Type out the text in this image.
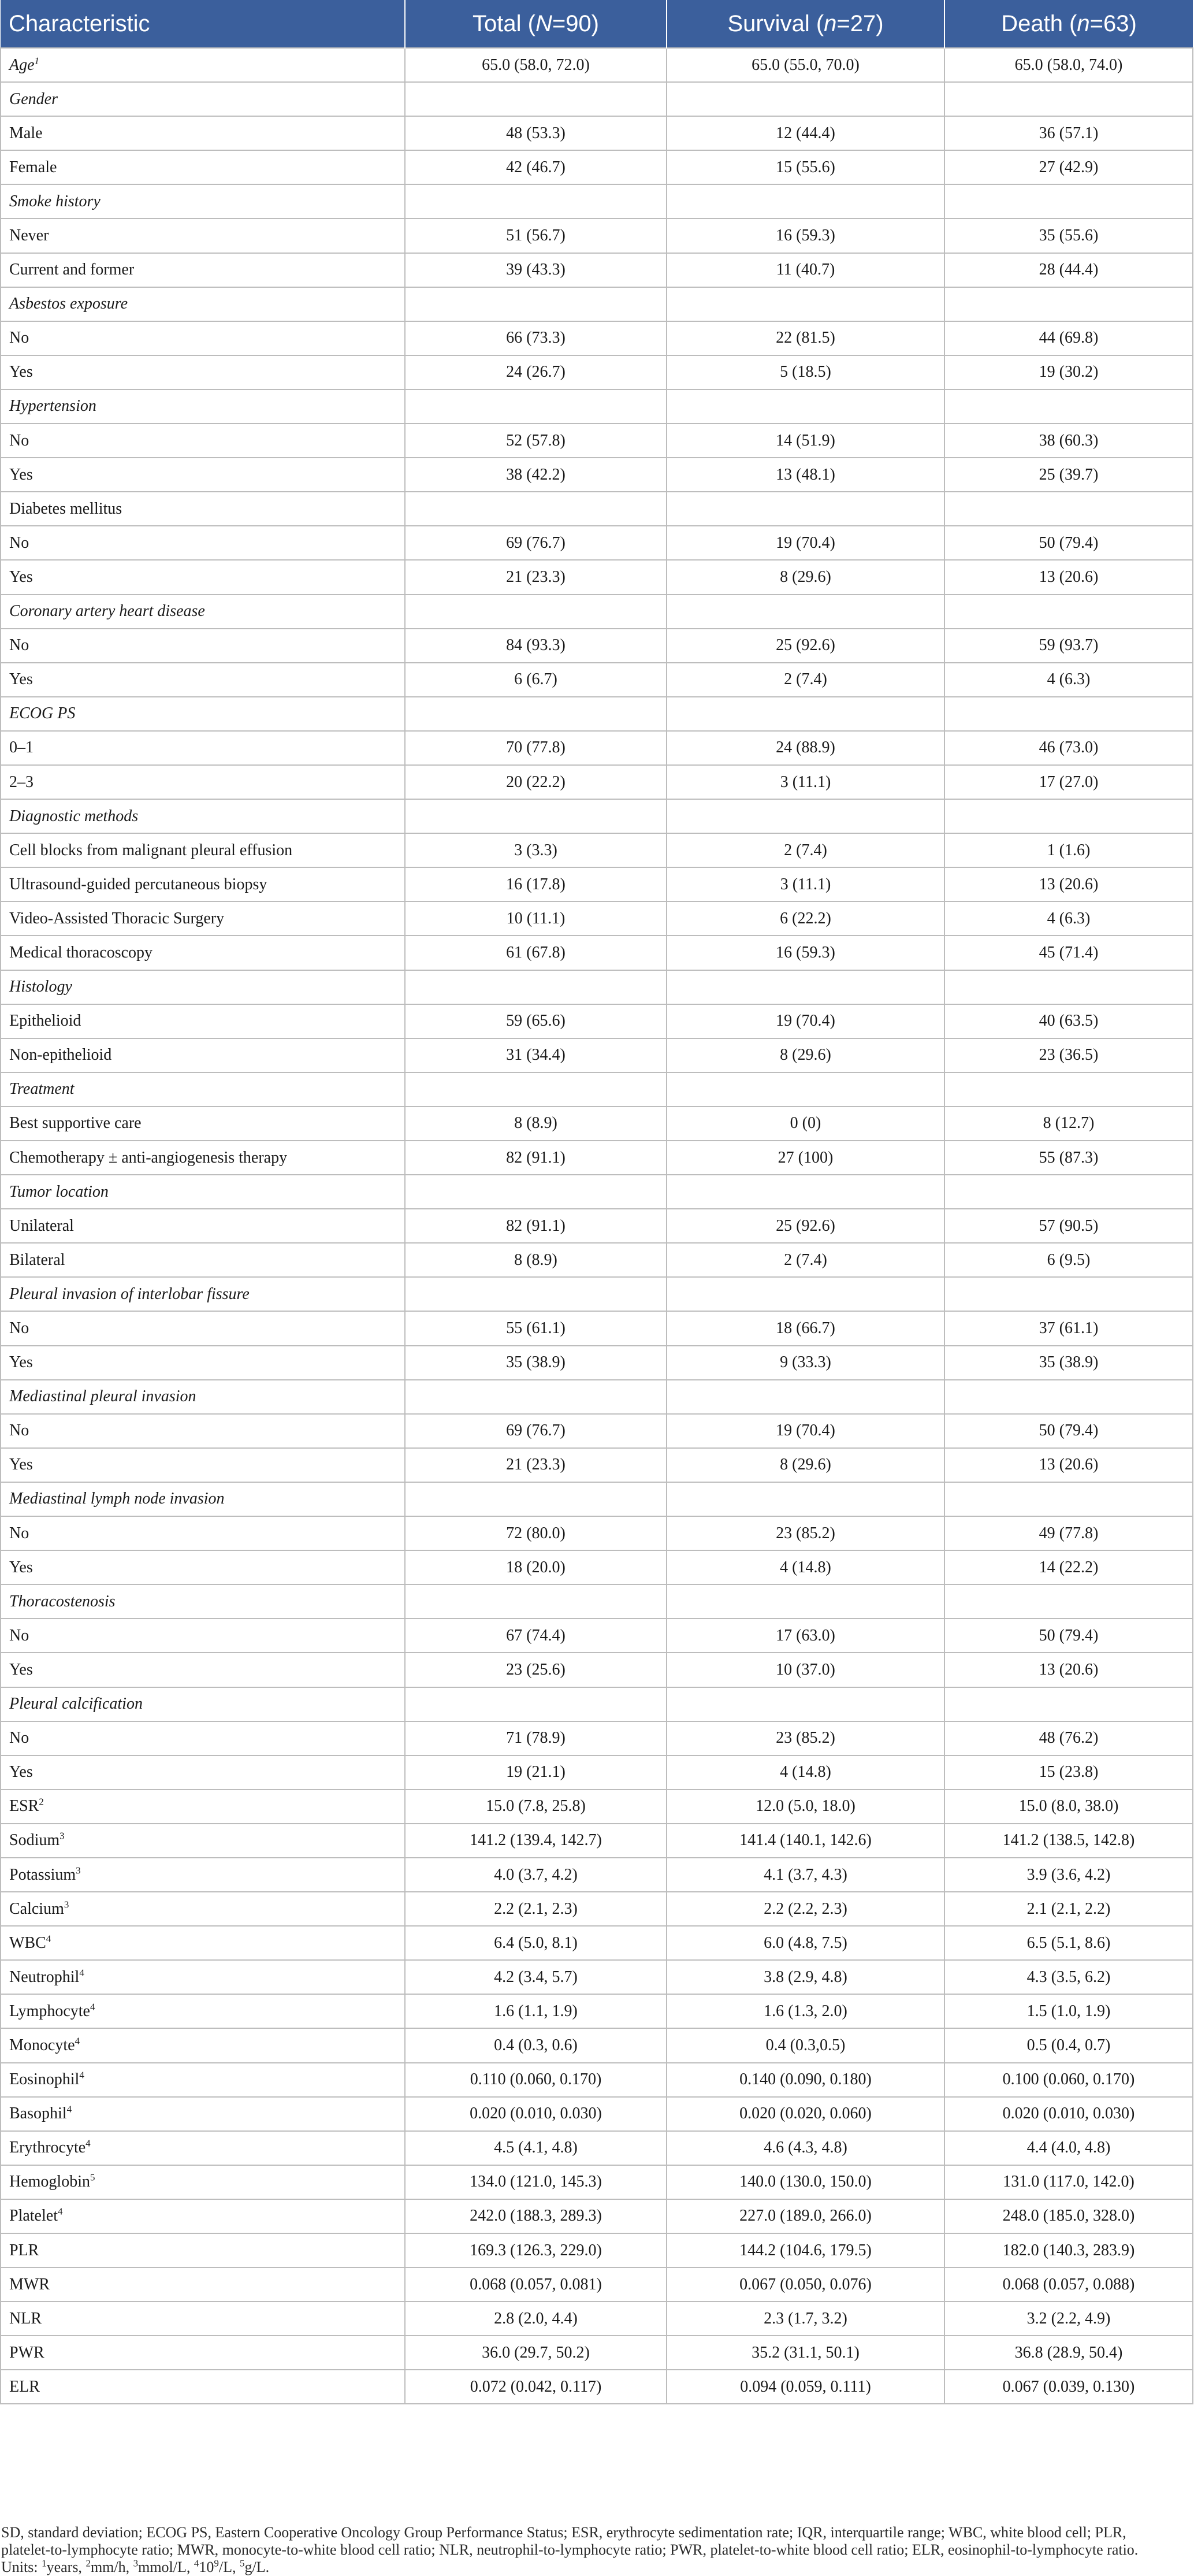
Characteristic	Total (N=90)	Survival (n=27)	Death (n=63)
Age$^1$	65.0 (58.0, 72.0)	65.0 (55.0, 70.0)	65.0 (58.0, 74.0)
Gender			
Male	48 (53.3)	12 (44.4)	36 (57.1)
Female	42 (46.7)	15 (55.6)	27 (42.9)
Smoke history			
Never	51 (56.7)	16 (59.3)	35 (55.6)
Current and former	39 (43.3)	11 (40.7)	28 (44.4)
Asbestos exposure			
No	66 (73.3)	22 (81.5)	44 (69.8)
Yes	24 (26.7)	5 (18.5)	19 (30.2)
Hypertension			
No	52 (57.8)	14 (51.9)	38 (60.3)
Yes	38 (42.2)	13 (48.1)	25 (39.7)
Diabetes mellitus			
No	69 (76.7)	19 (70.4)	50 (79.4)
Yes	21 (23.3)	8 (29.6)	13 (20.6)
Coronary artery heart disease			
No	84 (93.3)	25 (92.6)	59 (93.7)
Yes	6 (6.7)	2 (7.4)	4 (6.3)
ECOG PS			
0–1	70 (77.8)	24 (88.9)	46 (73.0)
2–3	20 (22.2)	3 (11.1)	17 (27.0)
Diagnostic methods			
Cell blocks from malignant pleural effusion	3 (3.3)	2 (7.4)	1 (1.6)
Ultrasound-guided percutaneous biopsy	16 (17.8)	3 (11.1)	13 (20.6)
Video-Assisted Thoracic Surgery	10 (11.1)	6 (22.2)	4 (6.3)
Medical thoracoscopy	61 (67.8)	16 (59.3)	45 (71.4)
Histology			
Epithelioid	59 (65.6)	19 (70.4)	40 (63.5)
Non-epithelioid	31 (34.4)	8 (29.6)	23 (36.5)
Treatment			
Best supportive care	8 (8.9)	0 (0)	8 (12.7)
Chemotherapy ± anti-angiogenesis therapy	82 (91.1)	27 (100)	55 (87.3)
Tumor location			
Unilateral	82 (91.1)	25 (92.6)	57 (90.5)
Bilateral	8 (8.9)	2 (7.4)	6 (9.5)
Pleural invasion of interlobar fissure			
No	55 (61.1)	18 (66.7)	37 (61.1)
Yes	35 (38.9)	9 (33.3)	35 (38.9)
Mediastinal pleural invasion			
No	69 (76.7)	19 (70.4)	50 (79.4)
Yes	21 (23.3)	8 (29.6)	13 (20.6)
Mediastinal lymph node invasion			
No	72 (80.0)	23 (85.2)	49 (77.8)
Yes	18 (20.0)	4 (14.8)	14 (22.2)
Thoracostenosis			
No	67 (74.4)	17 (63.0)	50 (79.4)
Yes	23 (25.6)	10 (37.0)	13 (20.6)
Pleural calcification			
No	71 (78.9)	23 (85.2)	48 (76.2)
Yes	19 (21.1)	4 (14.8)	15 (23.8)
ESR$^2$	15.0 (7.8, 25.8)	12.0 (5.0, 18.0)	15.0 (8.0, 38.0)
Sodium$^3$	141.2 (139.4, 142.7)	141.4 (140.1, 142.6)	141.2 (138.5, 142.8)
Potassium$^3$	4.0 (3.7, 4.2)	4.1 (3.7, 4.3)	3.9 (3.6, 4.2)
Calcium$^3$	2.2 (2.1, 2.3)	2.2 (2.2, 2.3)	2.1 (2.1, 2.2)
WBC$^4$	6.4 (5.0, 8.1)	6.0 (4.8, 7.5)	6.5 (5.1, 8.6)
Neutrophil$^4$	4.2 (3.4, 5.7)	3.8 (2.9, 4.8)	4.3 (3.5, 6.2)
Lymphocyte$^4$	1.6 (1.1, 1.9)	1.6 (1.3, 2.0)	1.5 (1.0, 1.9)
Monocyte$^4$	0.4 (0.3, 0.6)	0.4 (0.3,0.5)	0.5 (0.4, 0.7)
Eosinophil$^4$	0.110 (0.060, 0.170)	0.140 (0.090, 0.180)	0.100 (0.060, 0.170)
Basophil$^4$	0.020 (0.010, 0.030)	0.020 (0.020, 0.060)	0.020 (0.010, 0.030)
Erythrocyte$^4$	4.5 (4.1, 4.8)	4.6 (4.3, 4.8)	4.4 (4.0, 4.8)
Hemoglobin$^5$	134.0 (121.0, 145.3)	140.0 (130.0, 150.0)	131.0 (117.0, 142.0)
Platelet$^4$	242.0 (188.3, 289.3)	227.0 (189.0, 266.0)	248.0 (185.0, 328.0)
PLR	169.3 (126.3, 229.0)	144.2 (104.6, 179.5)	182.0 (140.3, 283.9)
MWR	0.068 (0.057, 0.081)	0.067 (0.050, 0.076)	0.068 (0.057, 0.088)
NLR	2.8 (2.0, 4.4)	2.3 (1.7, 3.2)	3.2 (2.2, 4.9)
PWR	36.0 (29.7, 50.2)	35.2 (31.1, 50.1)	36.8 (28.9, 50.4)
ELR	0.072 (0.042, 0.117)	0.094 (0.059, 0.111)	0.067 (0.039, 0.130)

SD, standard deviation; ECOG PS, Eastern Cooperative Oncology Group Performance Status; ESR, erythrocyte sedimentation rate; IQR, interquartile range; WBC, white blood cell; PLR,

platelet-to-lymphocyte ratio; MWR, monocyte-to-white blood cell ratio; NLR, neutrophil-to-lymphocyte ratio; PWR, platelet-to-white blood cell ratio; ELR, eosinophil-to-lymphocyte ratio.

Units: $^1$years, $^2$mm/h, $^3$mmol/L, $^410^9/L$, $^5$g/L.
